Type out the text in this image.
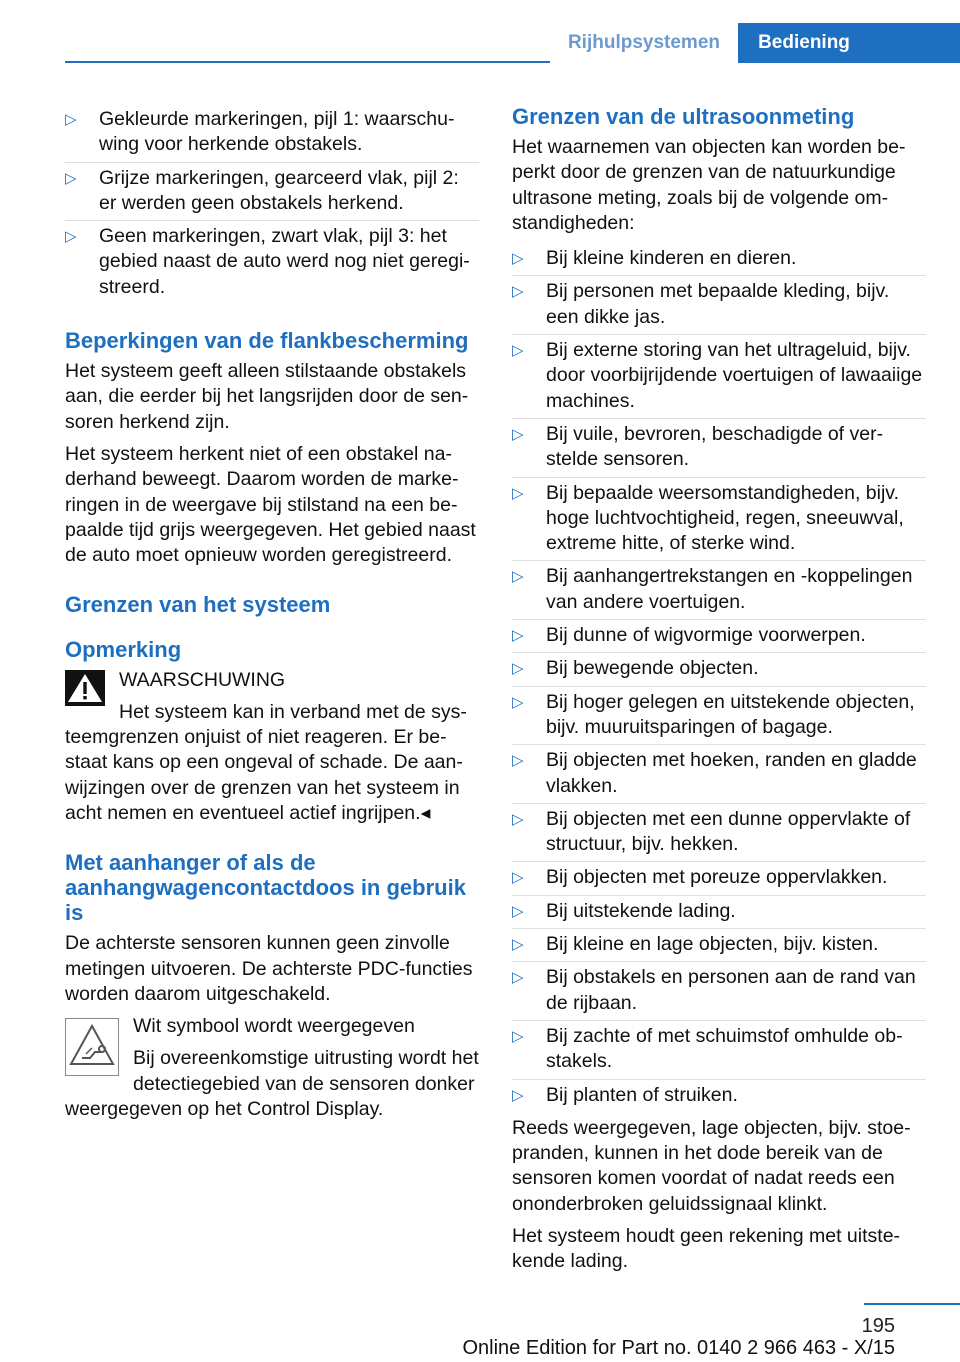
Rijhulpsystemen	Bediening
▷ Gekleurde markeringen, pijl 1: waarschuwing voor herkende obstakels.
▷ Grijze markeringen, gearceerd vlak, pijl 2: er werden geen obstakels herkend.
▷ Geen markeringen, zwart vlak, pijl 3: het gebied naast de auto werd nog niet geregistreerd.
Beperkingen van de flankbescherming
Het systeem geeft alleen stilstaande obstakels aan, die eerder bij het langsrijden door de sensoren herkend zijn.
Het systeem herkent niet of een obstakel naderhand beweegt. Daarom worden de markeringen in de weergave bij stilstand na een bepaalde tijd grijs weergegeven. Het gebied naast de auto moet opnieuw worden geregistreerd.
Grenzen van het systeem
Opmerking
WAARSCHUWING
Het systeem kan in verband met de systeemgrenzen onjuist of niet reageren. Er bestaat kans op een ongeval of schade. De aanwijzingen over de grenzen van het systeem in acht nemen en eventueel actief ingrijpen.◂
Met aanhanger of als de aanhangwagencontactdoos in gebruik is
De achterste sensoren kunnen geen zinvolle metingen uitvoeren. De achterste PDC-functies worden daarom uitgeschakeld.
Wit symbool wordt weergegeven
Bij overeenkomstige uitrusting wordt het detectiegebied van de sensoren donker weergegeven op het Control Display.
Grenzen van de ultrasoonmeting
Het waarnemen van objecten kan worden beperkt door de grenzen van de natuurkundige ultrasone meting, zoals bij de volgende omstandigheden:
▷ Bij kleine kinderen en dieren.
▷ Bij personen met bepaalde kleding, bijv. een dikke jas.
▷ Bij externe storing van het ultrageluid, bijv. door voorbijrijdende voertuigen of lawaaiige machines.
▷ Bij vuile, bevroren, beschadigde of verstelde sensoren.
▷ Bij bepaalde weersomstandigheden, bijv. hoge luchtvochtigheid, regen, sneeuwval, extreme hitte, of sterke wind.
▷ Bij aanhangertrekstangen en -koppelingen van andere voertuigen.
▷ Bij dunne of wigvormige voorwerpen.
▷ Bij bewegende objecten.
▷ Bij hoger gelegen en uitstekende objecten, bijv. muuruitsparingen of bagage.
▷ Bij objecten met hoeken, randen en gladde vlakken.
▷ Bij objecten met een dunne oppervlakte of structuur, bijv. hekken.
▷ Bij objecten met poreuze oppervlakken.
▷ Bij uitstekende lading.
▷ Bij kleine en lage objecten, bijv. kisten.
▷ Bij obstakels en personen aan de rand van de rijbaan.
▷ Bij zachte of met schuimstof omhulde obstakels.
▷ Bij planten of struiken.
Reeds weergegeven, lage objecten, bijv. stoepranden, kunnen in het dode bereik van de sensoren komen voordat of nadat reeds een ononderbroken geluidssignaal klinkt.
Het systeem houdt geen rekening met uitstekende lading.
195
Online Edition for Part no. 0140 2 966 463 - X/15
